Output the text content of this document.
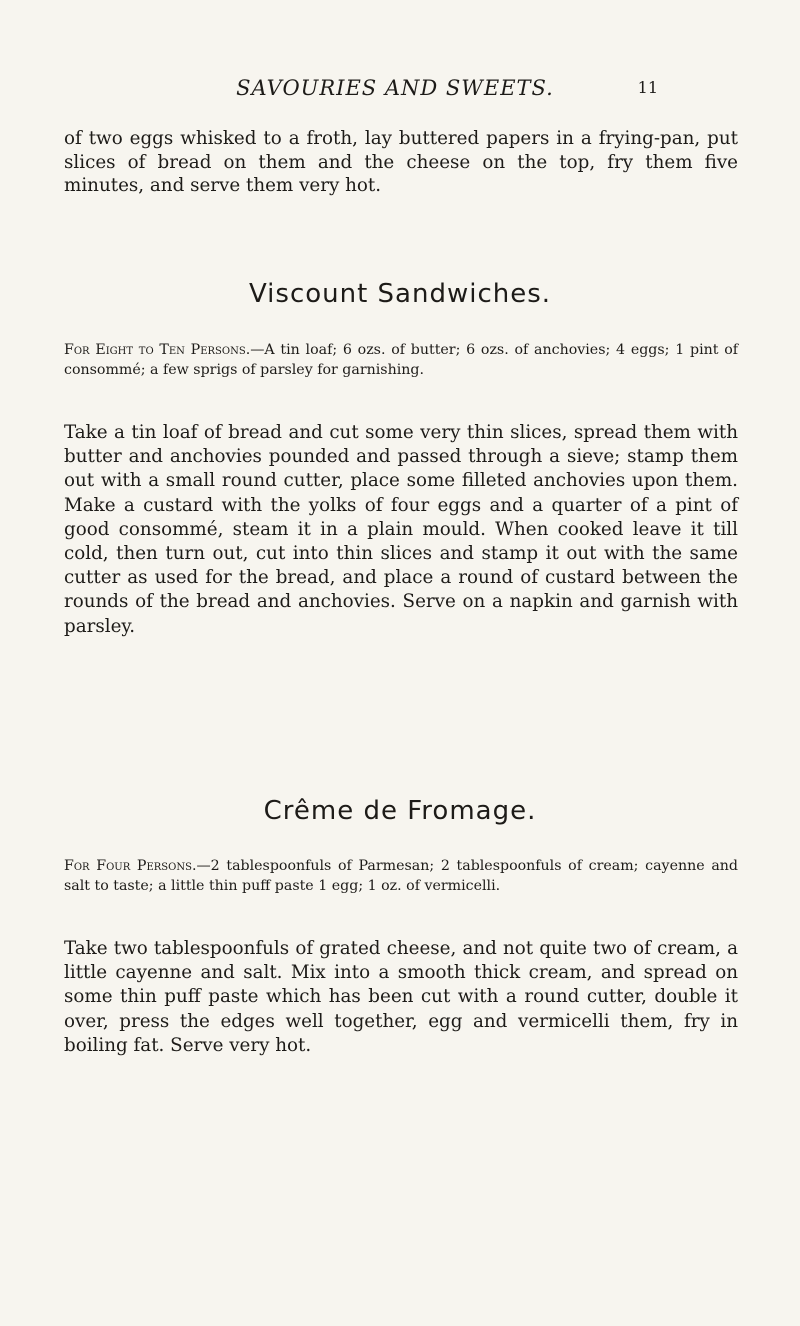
SAVOURIES AND SWEETS.	11

of two eggs whisked to a froth, lay buttered papers in a frying-pan, put slices of bread on them and the cheese on the top, fry them five minutes, and serve them very hot.

Viscount Sandwiches.

For Eight to Ten Persons.—A tin loaf; 6 ozs. of butter; 6 ozs. of anchovies; 4 eggs; 1 pint of consommé; a few sprigs of parsley for garnishing.

Take a tin loaf of bread and cut some very thin slices, spread them with butter and anchovies pounded and passed through a sieve; stamp them out with a small round cutter, place some filleted anchovies upon them. Make a custard with the yolks of four eggs and a quarter of a pint of good consommé, steam it in a plain mould. When cooked leave it till cold, then turn out, cut into thin slices and stamp it out with the same cutter as used for the bread, and place a round of custard between the rounds of the bread and anchovies. Serve on a napkin and garnish with parsley.

Crême de Fromage.

For Four Persons.—2 tablespoonfuls of Parmesan; 2 tablespoonfuls of cream; cayenne and salt to taste; a little thin puff paste 1 egg; 1 oz. of vermicelli.

Take two tablespoonfuls of grated cheese, and not quite two of cream, a little cayenne and salt. Mix into a smooth thick cream, and spread on some thin puff paste which has been cut with a round cutter, double it over, press the edges well together, egg and vermicelli them, fry in boiling fat. Serve very hot.
